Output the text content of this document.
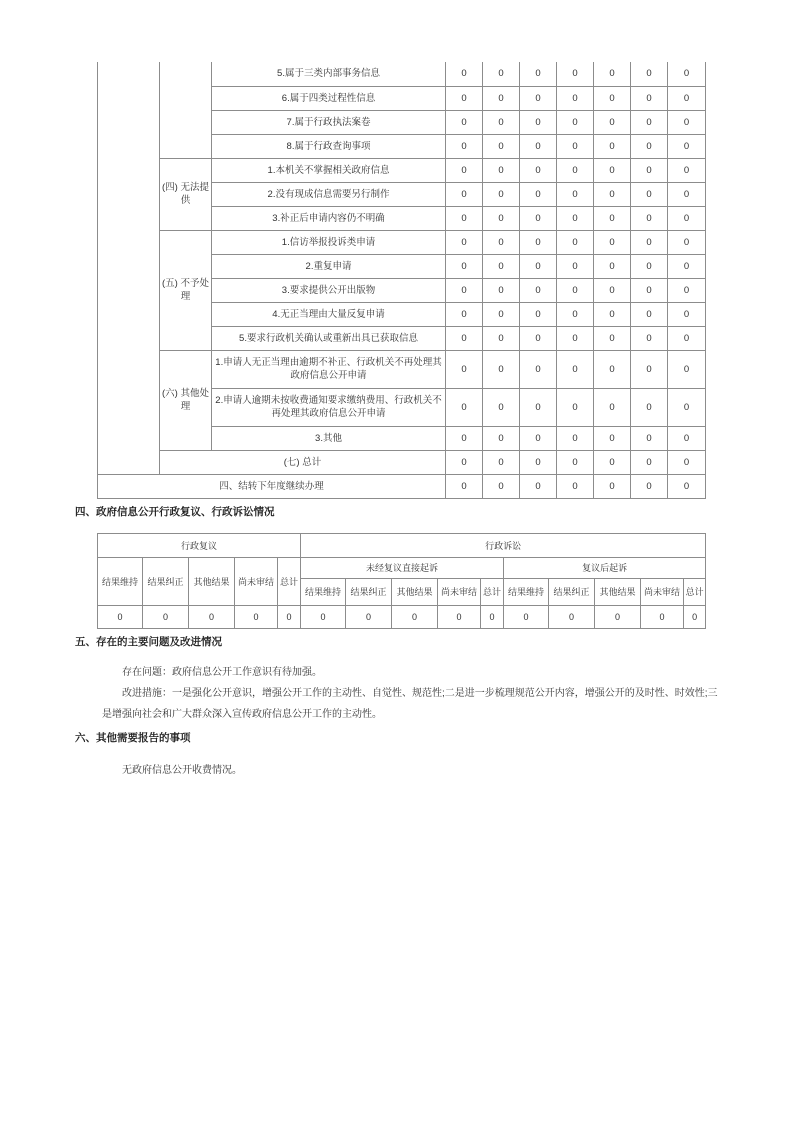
		5.属于三类内部事务信息	0	0	0	0	0	0	0
		6.属于四类过程性信息	0	0	0	0	0	0	0
		7.属于行政执法案卷	0	0	0	0	0	0	0
		8.属于行政查询事项	0	0	0	0	0	0	0
	(四) 无法提供	1.本机关不掌握相关政府信息	0	0	0	0	0	0	0
		2.没有现成信息需要另行制作	0	0	0	0	0	0	0
		3.补正后申请内容仍不明确	0	0	0	0	0	0	0
	(五) 不予处理	1.信访举报投诉类申请	0	0	0	0	0	0	0
		2.重复申请	0	0	0	0	0	0	0
		3.要求提供公开出版物	0	0	0	0	0	0	0
		4.无正当理由大量反复申请	0	0	0	0	0	0	0
		5.要求行政机关确认或重新出具已获取信息	0	0	0	0	0	0	0
	(六) 其他处理	1.申请人无正当理由逾期不补正、行政机关不再处理其政府信息公开申请	0	0	0	0	0	0	0
		2.申请人逾期未按收费通知要求缴纳费用、行政机关不再处理其政府信息公开申请	0	0	0	0	0	0	0
		3.其他	0	0	0	0	0	0	0
	(七) 总计		0	0	0	0	0	0	0
四、结转下年度继续办理			0	0	0	0	0	0	0
四、政府信息公开行政复议、行政诉讼情况
行政复议					行政诉讼									
结果维持	结果纠正	其他结果	尚未审结	总计	未经复议直接起诉					复议后起诉				
					结果维持	结果纠正	其他结果	尚未审结	总计	结果维持	结果纠正	其他结果	尚未审结	总计
0	0	0	0	0	0	0	0	0	0	0	0	0	0	0
五、存在的主要问题及改进情况

存在问题：政府信息公开工作意识有待加强。

改进措施：一是强化公开意识，增强公开工作的主动性、自觉性、规范性;二是进一步梳理规范公开内容，增强公开的及时性、时效性;三是增强向社会和广大群众深入宣传政府信息公开工作的主动性。

六、其他需要报告的事项

无政府信息公开收费情况。
